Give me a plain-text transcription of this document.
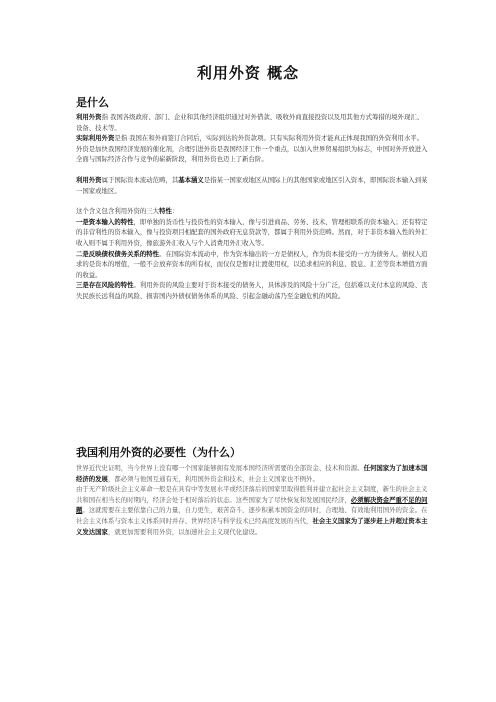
利用外资 概念
是什么

利用外资指 我国各级政府、部门、企业和其他经济组织通过对外借款、吸收外商直接投资以及用其他方式筹措的境外现汇、设备、技术等。

实际利用外资是指 我国在和外商签订合同后，实际到达的外资款项。只有实际利用外资才能真正体现我国的外资利用水平。外资是加快我国经济发展的催化剂，合理引进外资是我国经济工作一个重点，以加入世界贸易组织为标志，中国对外开放进入全面与国际经济合作与竞争的崭新阶段，利用外资也迈上了新台阶。

利用外资属于国际资本流动范畴，其基本涵义是指某一国家或地区从国际上的其他国家或地区引入资本，即国际资本输入到某一国家或地区。

这个含义包含利用外资的三大特性：

一是资本输入的特性，即单独的货币性与投资性的资本输入，像与引进商品、劳务、技术、管理相联系的资本输入；还有特定的非营利性的资本输入，像与投资项目相配套的国外政府无息贷款等，都属于利用外资范畴。然而，对于非资本输入性的外汇收入则不属于利用外资，像旅游外汇收入与个人消费用外汇收入等。

二是反映债权债务关系的特性。在国际资本流动中，作为资本输出的一方是债权人，作为资本接受的一方为债务人。债权人追求的是资本的增值，一般不会放弃资本的所有权，而仅仅是暂时让渡使用权，以追求相应的利息、股息、汇差等资本增值方面的收益。

三是存在风险的特性。利用外资的风险主要对于资本接受的债务人，具体涉及的风险十分广泛，包括难以支付本息的风险、丧失民族长远利益的风险、损害国内外债权债务体系的风险、引起金融动荡乃至金融危机的风险。

我国利用外资的必要性（为什么）

世界近代史证明，当今世界上没有哪一个国家能够拥有发展本国经济所需要的全部资金、技术和资源。任何国家为了加速本国经济的发展，都必须与他国互通有无，利用国外资金和技术，社会主义国家也不例外。

由于无产阶级社会主义革命一般是在具有中等发展水平或经济落后的国家里取得胜利并建立起社会主义制度，新生的社会主义共和国在相当长的时期内，经济会处于相对落后的状态。这些国家为了尽快恢复和发展国民经济，必须解决资金严重不足的问题。这就需要在主要依靠自己的力量，自力更生，艰苦奋斗，逐步积累本国资金的同时，合理地、有效地利用国外的资金。在社会主义体系与资本主义体系同时并存、世界经济与科学技术已经高度发展的当代，社会主义国家为了逐步赶上并超过资本主义发达国家，就更加需要利用外资，以加速社会主义现代化建设。
